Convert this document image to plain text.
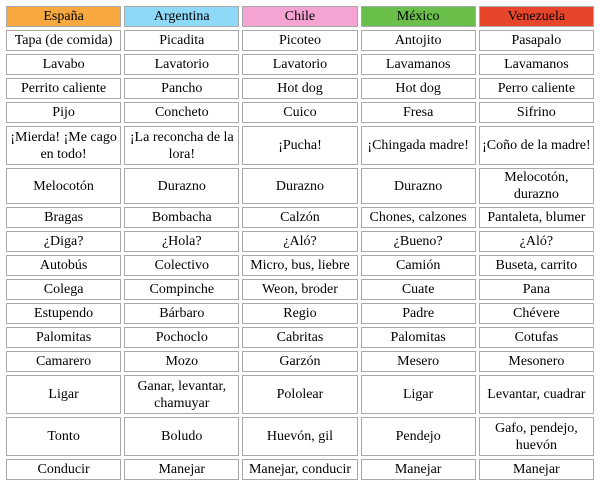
España	Argentina	Chile	México	Venezuela
Tapa (de comida)	Picadita	Picoteo	Antojito	Pasapalo
Lavabo	Lavatorio	Lavatorio	Lavamanos	Lavamanos
Perrito caliente	Pancho	Hot dog	Hot dog	Perro caliente
Pijo	Concheto	Cuico	Fresa	Sifrino
¡Mierda! ¡Me cago en todo!	¡La reconcha de la lora!	¡Pucha!	¡Chingada madre!	¡Coño de la madre!
Melocotón	Durazno	Durazno	Durazno	Melocotón, durazno
Bragas	Bombacha	Calzón	Chones, calzones	Pantaleta, blumer
¿Diga?	¿Hola?	¿Aló?	¿Bueno?	¿Aló?
Autobús	Colectivo	Micro, bus, liebre	Camión	Buseta, carrito
Colega	Compinche	Weon, broder	Cuate	Pana
Estupendo	Bárbaro	Regio	Padre	Chévere
Palomitas	Pochoclo	Cabritas	Palomitas	Cotufas
Camarero	Mozo	Garzón	Mesero	Mesonero
Ligar	Ganar, levantar, chamuyar	Pololear	Ligar	Levantar, cuadrar
Tonto	Boludo	Huevón, gil	Pendejo	Gafo, pendejo, huevón
Conducir	Manejar	Manejar, conducir	Manejar	Manejar
